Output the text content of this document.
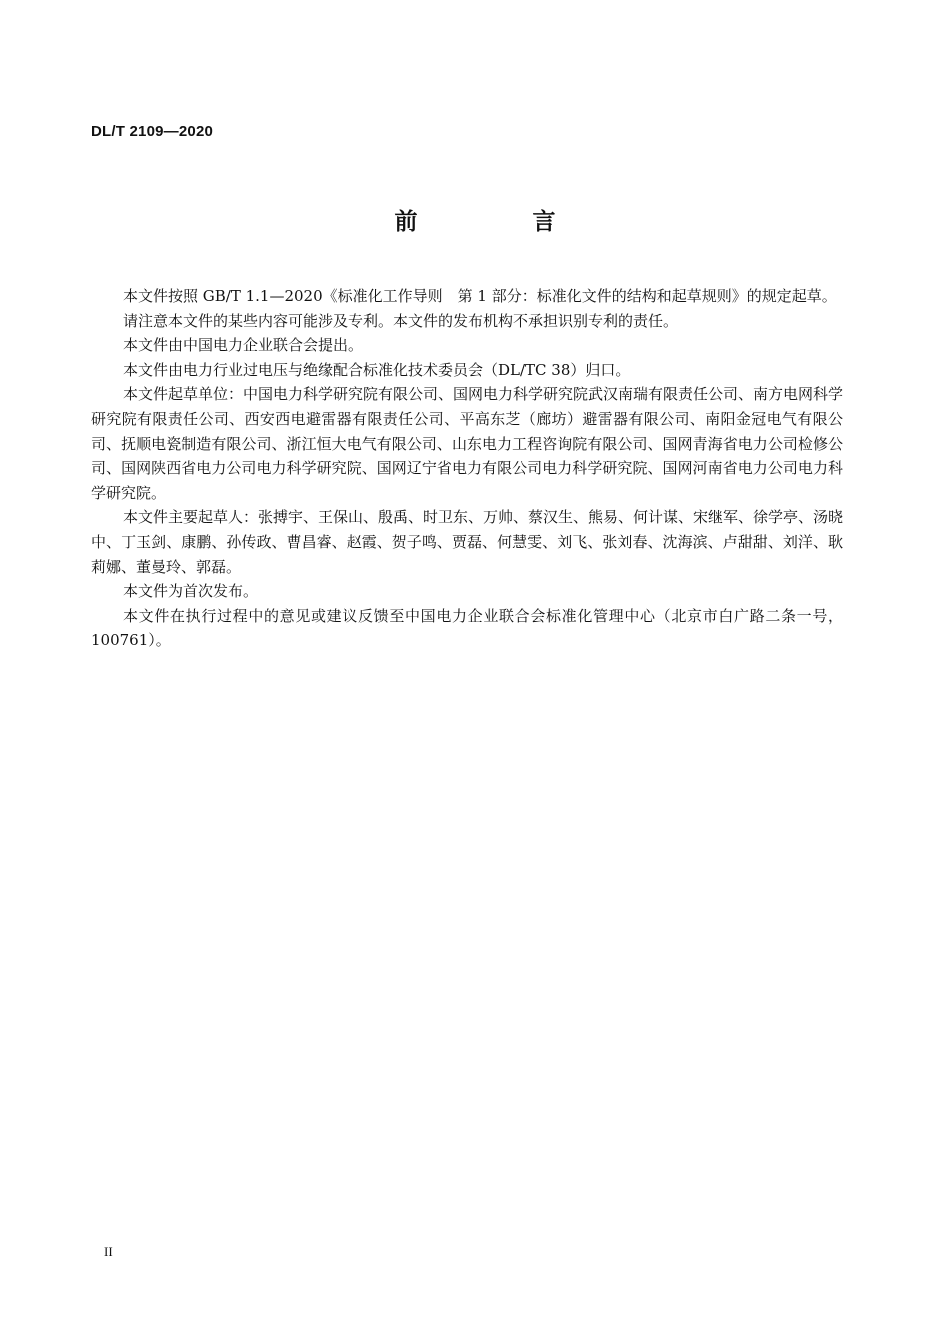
DL/T 2109—2020
前　言

本文件按照 GB/T 1.1—2020《标准化工作导则　第 1 部分：标准化文件的结构和起草规则》的规定起草。

请注意本文件的某些内容可能涉及专利。本文件的发布机构不承担识别专利的责任。

本文件由中国电力企业联合会提出。

本文件由电力行业过电压与绝缘配合标准化技术委员会（DL/TC 38）归口。

本文件起草单位：中国电力科学研究院有限公司、国网电力科学研究院武汉南瑞有限责任公司、南方电网科学研究院有限责任公司、西安西电避雷器有限责任公司、平高东芝（廊坊）避雷器有限公司、南阳金冠电气有限公司、抚顺电瓷制造有限公司、浙江恒大电气有限公司、山东电力工程咨询院有限公司、国网青海省电力公司检修公司、国网陕西省电力公司电力科学研究院、国网辽宁省电力有限公司电力科学研究院、国网河南省电力公司电力科学研究院。

本文件主要起草人：张搏宇、王保山、殷禹、时卫东、万帅、蔡汉生、熊易、何计谋、宋继军、徐学亭、汤晓中、丁玉剑、康鹏、孙传政、曹昌睿、赵霞、贺子鸣、贾磊、何慧雯、刘飞、张刘春、沈海滨、卢甜甜、刘洋、耿莉娜、董曼玲、郭磊。

本文件为首次发布。

本文件在执行过程中的意见或建议反馈至中国电力企业联合会标准化管理中心（北京市白广路二条一号，100761）。

II
